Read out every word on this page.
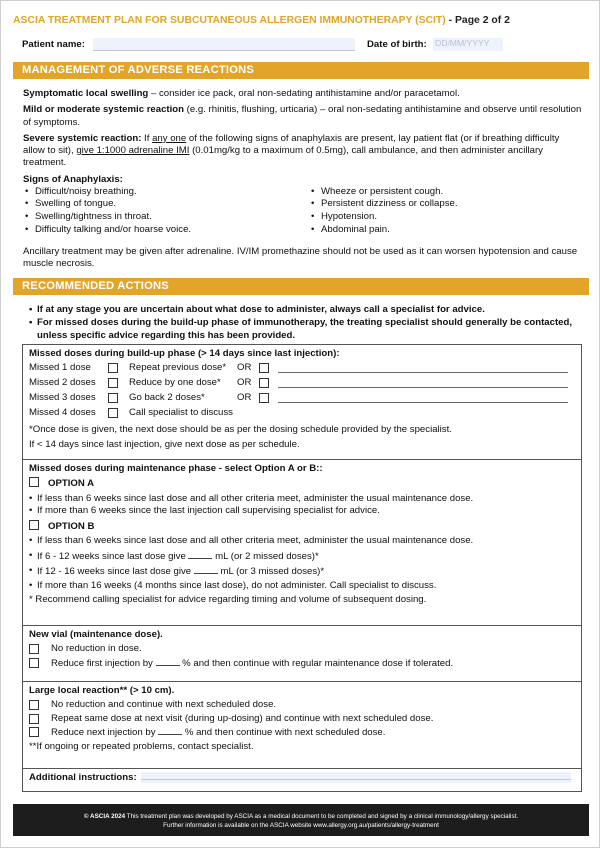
ASCIA TREATMENT PLAN FOR SUBCUTANEOUS ALLERGEN IMMUNOTHERAPY (SCIT) - Page 2 of 2
Patient name:	Date of birth: DD/MM/YYYY
MANAGEMENT OF ADVERSE REACTIONS

Symptomatic local swelling – consider ice pack, oral non-sedating antihistamine and/or paracetamol.

Mild or moderate systemic reaction (e.g. rhinitis, flushing, urticaria) – oral non-sedating antihistamine and observe until resolution of symptoms.

Severe systemic reaction: If any one of the following signs of anaphylaxis are present, lay patient flat (or if breathing difficulty allow to sit), give 1:1000 adrenaline IMI (0.01mg/kg to a maximum of 0.5mg), call ambulance, and then administer ancillary treatment.

Signs of Anaphylaxis:
• Difficult/noisy breathing.
• Swelling of tongue.
• Swelling/tightness in throat.
• Difficulty talking and/or hoarse voice.
• Wheeze or persistent cough.
• Persistent dizziness or collapse.
• Hypotension.
• Abdominal pain.

Ancillary treatment may be given after adrenaline. IV/IM promethazine should not be used as it can worsen hypotension and cause muscle necrosis.

RECOMMENDED ACTIONS
• If at any stage you are uncertain about what dose to administer, always call a specialist for advice.
• For missed doses during the build-up phase of immunotherapy, the treating specialist should generally be contacted, unless specific advice regarding this has been provided.
Missed doses during build-up phase (> 14 days since last injection):
Missed 1 dose	Repeat previous dose* OR
Missed 2 doses	Reduce by one dose* OR
Missed 3 doses	Go back 2 doses*	OR
Missed 4 doses	Call specialist to discuss
*Once dose is given, the next dose should be as per the dosing schedule provided by the specialist.
If < 14 days since last injection, give next dose as per schedule.
Missed doses during maintenance phase - select Option A or B::
OPTION A
• If less than 6 weeks since last dose and all other criteria meet, administer the usual maintenance dose.
• If more than 6 weeks since the last injection call supervising specialist for advice.
OPTION B
• If less than 6 weeks since last dose and all other criteria meet, administer the usual maintenance dose.
• If 6 - 12 weeks since last dose give	mL (or 2 missed doses)*
• If 12 - 16 weeks since last dose give	mL (or 3 missed doses)*
• If more than 16 weeks (4 months since last dose), do not administer. Call specialist to discuss.
* Recommend calling specialist for advice regarding timing and volume of subsequent dosing.
New vial (maintenance dose).
No reduction in dose.
Reduce first injection by	% and then continue with regular maintenance dose if tolerated.
Large local reaction** (> 10 cm).
No reduction and continue with next scheduled dose.
Repeat same dose at next visit (during up-dosing) and continue with next scheduled dose.
Reduce next injection by	% and then continue with next scheduled dose.
**If ongoing or repeated problems, contact specialist.
Additional instructions:
© ASCIA 2024 This treatment plan was developed by ASCIA as a medical document to be completed and signed by a clinical immunology/allergy specialist.
Further information is available on the ASCIA website www.allergy.org.au/patients/allergy-treatment
